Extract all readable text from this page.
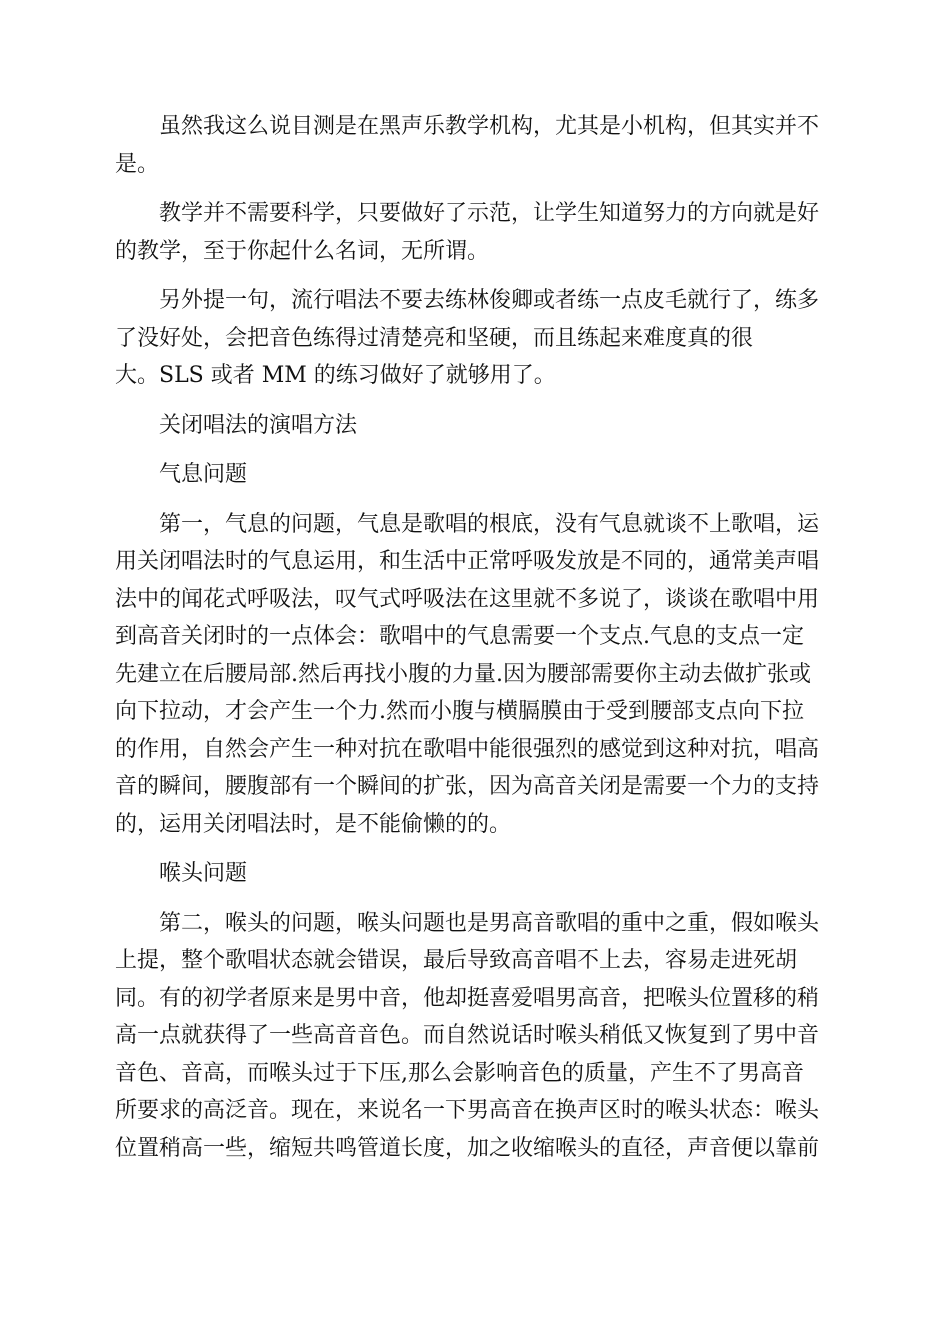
虽然我这么说目测是在黑声乐教学机构，尤其是小机构，但其实并不
是。

教学并不需要科学，只要做好了示范，让学生知道努力的方向就是好
的教学，至于你起什么名词，无所谓。

另外提一句，流行唱法不要去练林俊卿或者练一点皮毛就行了，练多
了没好处，会把音色练得过清楚亮和坚硬，而且练起来难度真的很
大。SLS 或者 MM 的练习做好了就够用了。

关闭唱法的演唱方法

气息问题

第一，气息的问题，气息是歌唱的根底，没有气息就谈不上歌唱，运
用关闭唱法时的气息运用，和生活中正常呼吸发放是不同的，通常美声唱
法中的闻花式呼吸法，叹气式呼吸法在这里就不多说了，谈谈在歌唱中用
到高音关闭时的一点体会：歌唱中的气息需要一个支点.气息的支点一定
先建立在后腰局部.然后再找小腹的力量.因为腰部需要你主动去做扩张或
向下拉动，才会产生一个力.然而小腹与横膈膜由于受到腰部支点向下拉
的作用，自然会产生一种对抗在歌唱中能很强烈的感觉到这种对抗，唱高
音的瞬间，腰腹部有一个瞬间的扩张，因为高音关闭是需要一个力的支持
的，运用关闭唱法时，是不能偷懒的的。

喉头问题

第二，喉头的问题，喉头问题也是男高音歌唱的重中之重，假如喉头
上提，整个歌唱状态就会错误，最后导致高音唱不上去，容易走进死胡
同。有的初学者原来是男中音，他却挺喜爱唱男高音，把喉头位置移的稍
高一点就获得了一些高音音色。而自然说话时喉头稍低又恢复到了男中音
音色、音高，而喉头过于下压,那么会影响音色的质量，产生不了男高音
所要求的高泛音。现在，来说名一下男高音在换声区时的喉头状态：喉头
位置稍高一些，缩短共鸣管道长度，加之收缩喉头的直径，声音便以靠前
